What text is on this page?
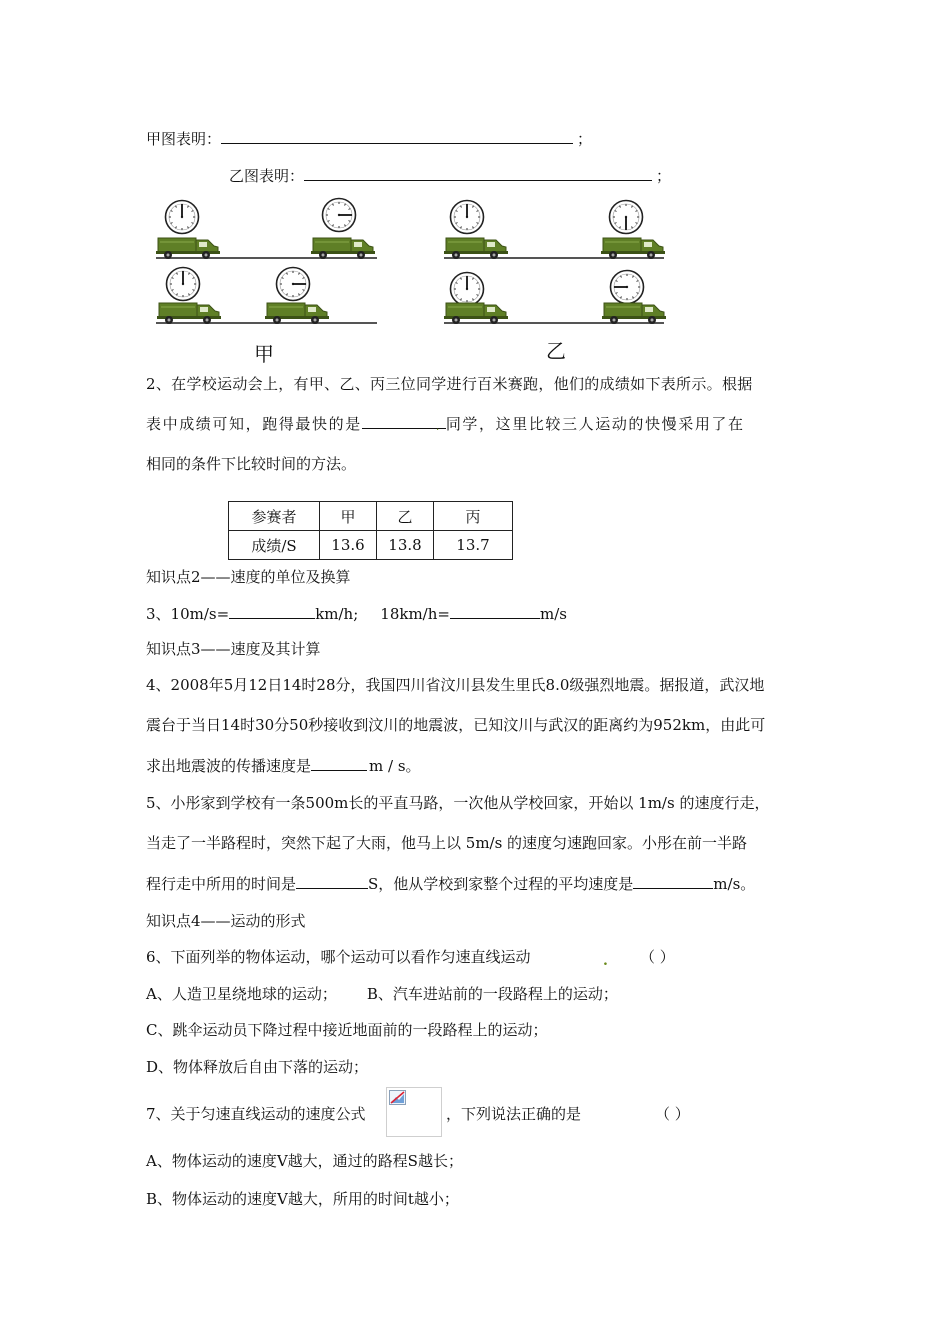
甲图表明：	；
乙图表明：	；
甲	乙
2、在学校运动会上，有甲、乙、丙三位同学进行百米赛跑，他们的成绩如下表所示。根据
表中成绩可知，跑得最快的是	同学，这里比较三人运动的快慢采用了在
.
相同的条件下比较时间的方法。
参赛者	甲	乙	丙
成绩/S	13.6	13.8	13.7
知识点2——速度的单位及换算
3、10m/s=	km/h; 18km/h=	m/s
知识点3——速度及其计算
4、2008年5月12日14时28分，我国四川省汶川县发生里氏8.0级强烈地震。据报道，武汉地
震台于当日14时30分50秒接收到汶川的地震波，已知汶川与武汉的距离约为952km，由此可
求出地震波的传播速度是	m / s。
5、小彤家到学校有一条500m长的平直马路，一次他从学校回家，开始以 1m/s 的速度行走，
当走了一半路程时，突然下起了大雨，他马上以 5m/s 的速度匀速跑回家。小彤在前一半路
程行走中所用的时间是	S，他从学校到家整个过程的平均速度是	m/s。
知识点4——运动的形式
6、下面列举的物体运动，哪个运动可以看作匀速直线运动	. （ ）
A、人造卫星绕地球的运动； B、汽车进站前的一段路程上的运动；
C、跳伞运动员下降过程中接近地面前的一段路程上的运动；
D、物体释放后自由下落的运动；
7、关于匀速直线运动的速度公式	，下列说法正确的是	（ ）
A、物体运动的速度V越大，通过的路程S越长；
B、物体运动的速度V越大，所用的时间t越小；
